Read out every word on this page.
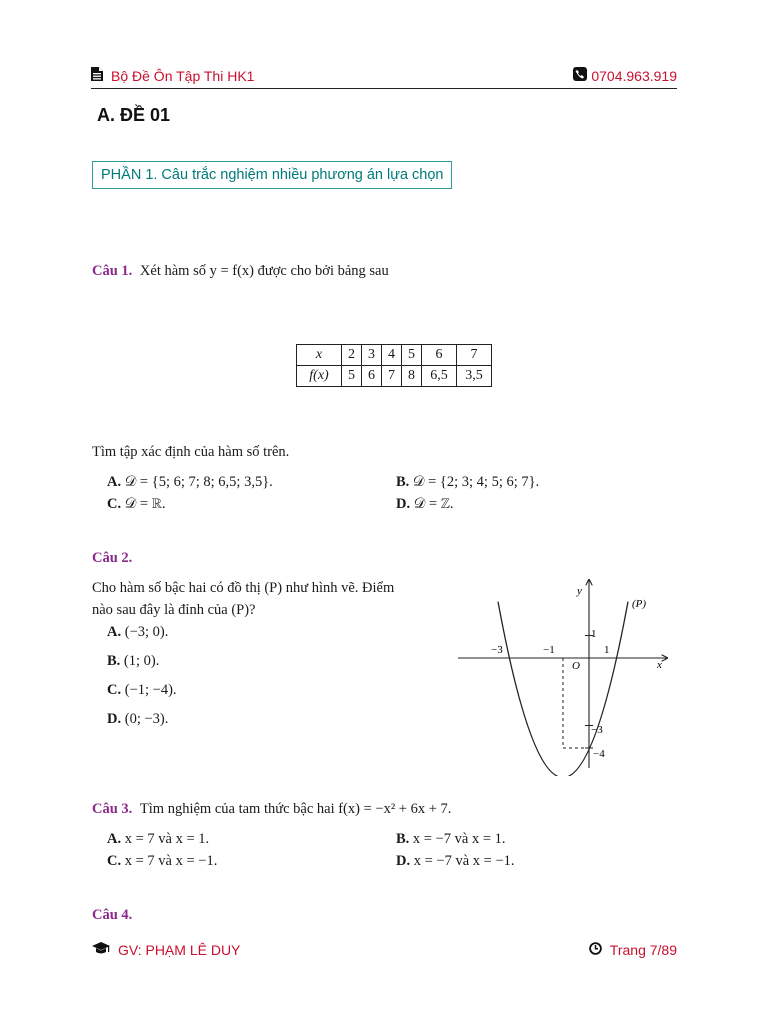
Bộ Đề Ôn Tập Thi HK1	0704.963.919
A. ĐỀ 01
PHẦN 1. Câu trắc nghiệm nhiều phương án lựa chọn
Câu 1. Xét hàm số y = f(x) được cho bởi bảng sau
x	2	3	4	5	6	7
f(x)	5	6	7	8	6,5	3,5
Tìm tập xác định của hàm số trên.
A. 𝒟 = {5; 6; 7; 8; 6,5; 3,5}.	B. 𝒟 = {2; 3; 4; 5; 6; 7}.
C. 𝒟 = ℝ.	D. 𝒟 = ℤ.
Câu 2.
Cho hàm số bậc hai có đồ thị (P) như hình vẽ. Điểm
nào sau đây là đỉnh của (P)?
A. (−3; 0).
B. (1; 0).
C. (−1; −4).
D. (0; −3).
(P)
y
x
O
−3	−1	1
1
−3
−4
Câu 3. Tìm nghiệm của tam thức bậc hai f(x) = −x² + 6x + 7.
A. x = 7 và x = 1.	B. x = −7 và x = 1.
C. x = 7 và x = −1.	D. x = −7 và x = −1.
Câu 4.
GV: PHẠM LÊ DUY	Trang 7/89
